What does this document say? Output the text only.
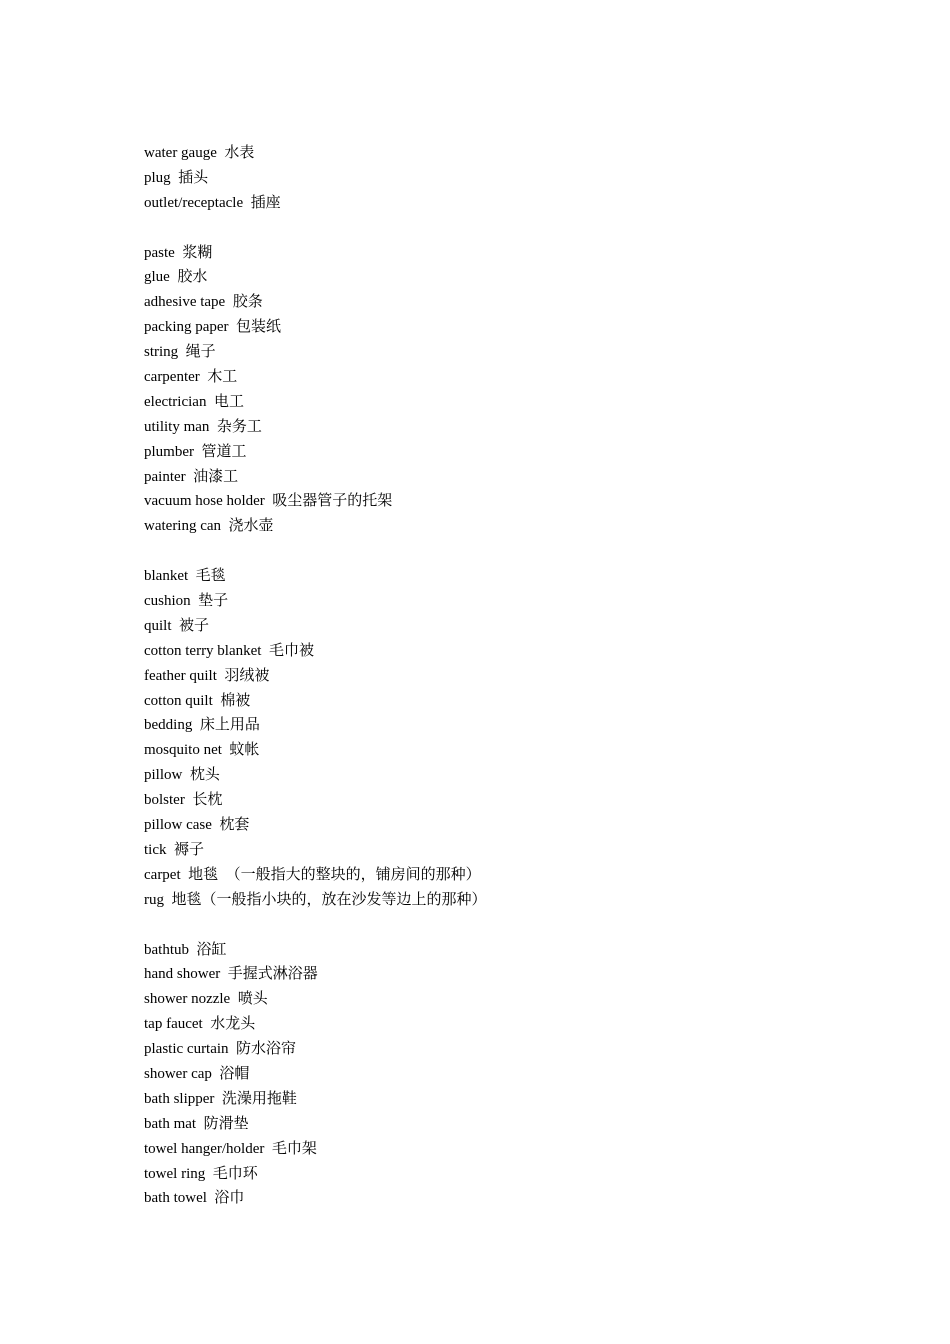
water gauge  水表
plug  插头
outlet/receptacle  插座
paste  浆糊
glue  胶水
adhesive tape  胶条
packing paper  包装纸
string  绳子
carpenter  木工
electrician  电工
utility man  杂务工
plumber  管道工
painter  油漆工
vacuum hose holder  吸尘器管子的托架
watering can  浇水壶
blanket  毛毯
cushion  垫子
quilt  被子
cotton terry blanket  毛巾被
feather quilt  羽绒被
cotton quilt  棉被
bedding  床上用品
mosquito net  蚊帐
pillow  枕头
bolster  长枕
pillow case  枕套
tick  褥子
carpet  地毯  （一般指大的整块的，铺房间的那种）
rug  地毯（一般指小块的，放在沙发等边上的那种）
bathtub  浴缸
hand shower  手握式淋浴器
shower nozzle  喷头
tap faucet  水龙头
plastic curtain  防水浴帘
shower cap  浴帽
bath slipper  洗澡用拖鞋
bath mat  防滑垫
towel hanger/holder  毛巾架
towel ring  毛巾环
bath towel  浴巾
